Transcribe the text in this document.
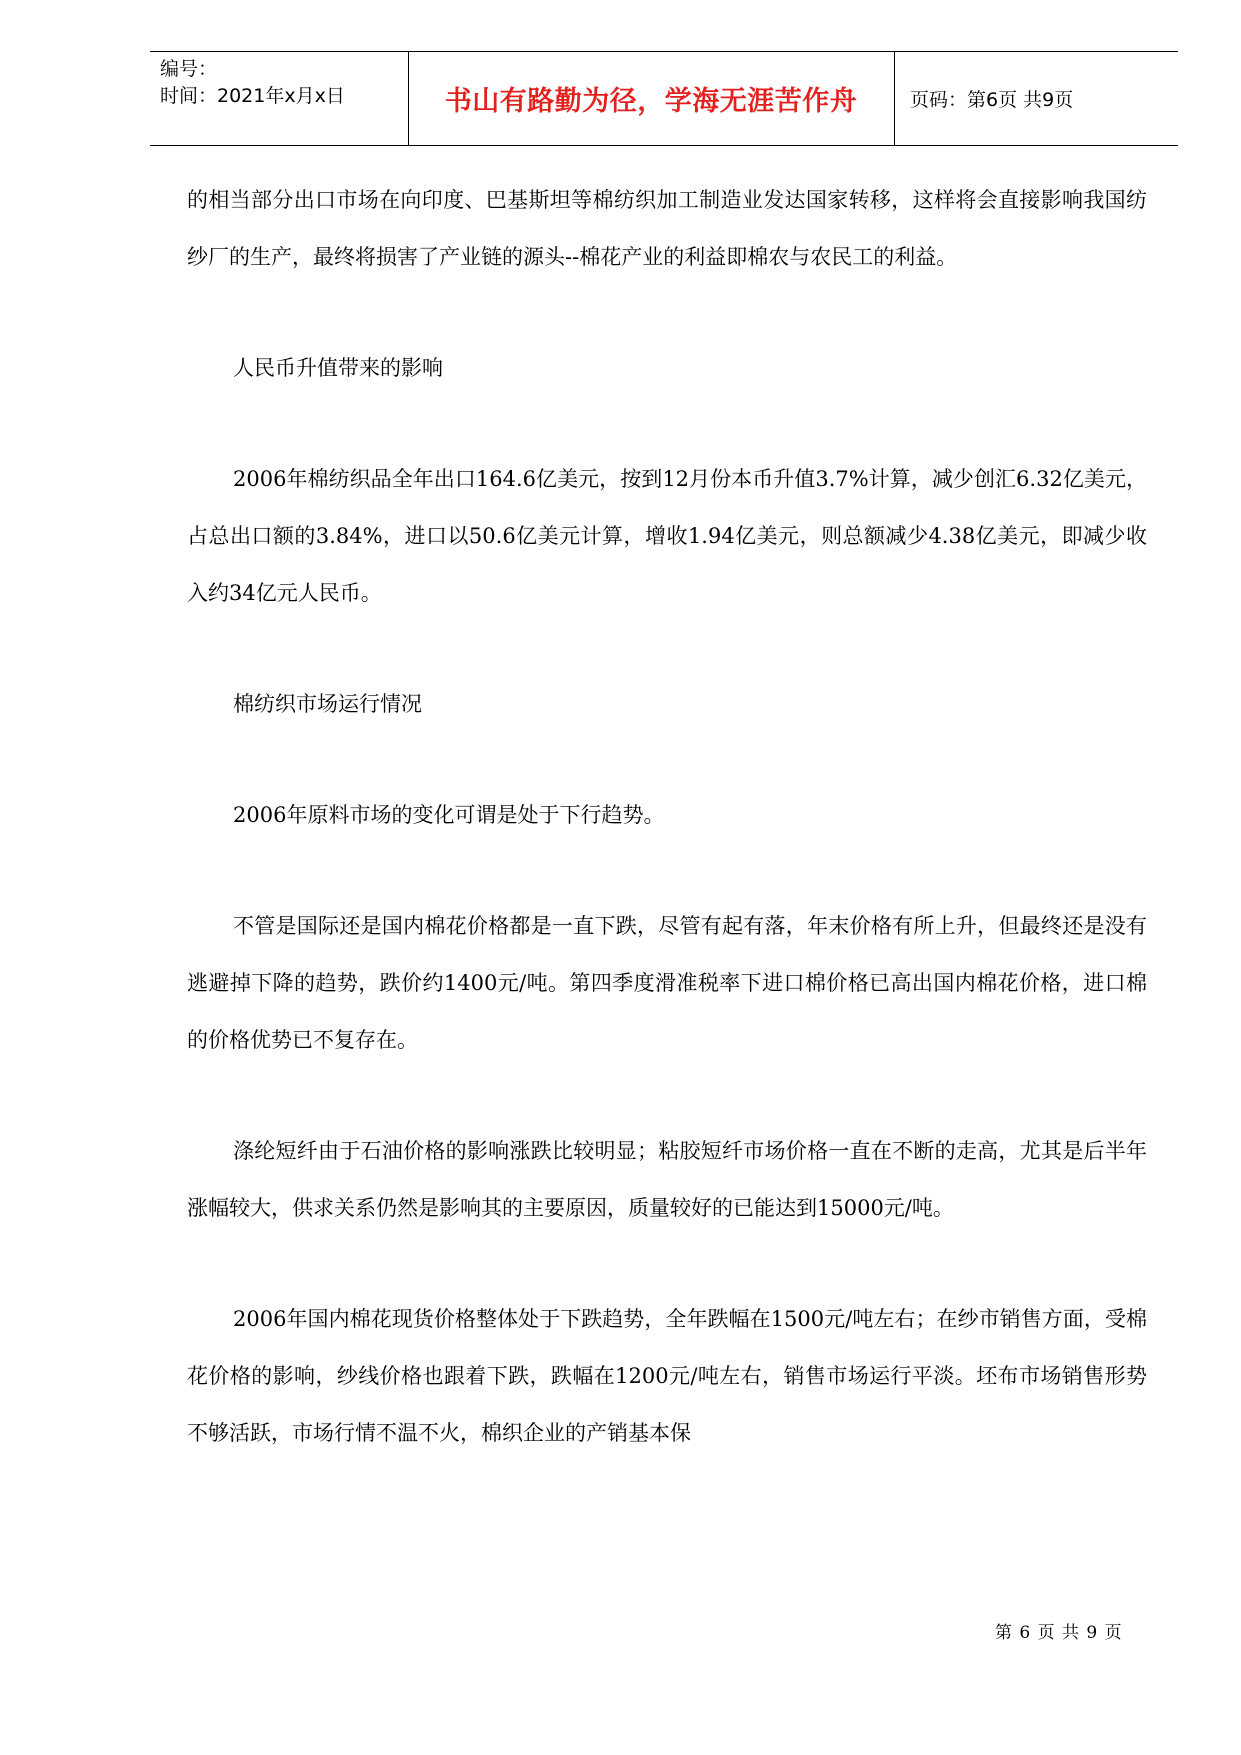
编号：
时间：2021年x月x日	书山有路勤为径，学海无涯苦作舟	页码：第6页 共9页

的相当部分出口市场在向印度、巴基斯坦等棉纺织加工制造业发达国家转移，这样将会直接影响我国纺纱厂的生产，最终将损害了产业链的源头--棉花产业的利益即棉农与农民工的利益。

人民币升值带来的影响

2006年棉纺织品全年出口164.6亿美元，按到12月份本币升值3.7%计算，减少创汇6.32亿美元，占总出口额的3.84%，进口以50.6亿美元计算，增收1.94亿美元，则总额减少4.38亿美元，即减少收入约34亿元人民币。

棉纺织市场运行情况

2006年原料市场的变化可谓是处于下行趋势。

不管是国际还是国内棉花价格都是一直下跌，尽管有起有落，年末价格有所上升，但最终还是没有逃避掉下降的趋势，跌价约1400元/吨。第四季度滑准税率下进口棉价格已高出国内棉花价格，进口棉的价格优势已不复存在。

涤纶短纤由于石油价格的影响涨跌比较明显；粘胶短纤市场价格一直在不断的走高，尤其是后半年涨幅较大，供求关系仍然是影响其的主要原因，质量较好的已能达到15000元/吨。

2006年国内棉花现货价格整体处于下跌趋势，全年跌幅在1500元/吨左右；在纱市销售方面，受棉花价格的影响，纱线价格也跟着下跌，跌幅在1200元/吨左右，销售市场运行平淡。坯布市场销售形势不够活跃，市场行情不温不火，棉织企业的产销基本保

第 6 页 共 9 页
